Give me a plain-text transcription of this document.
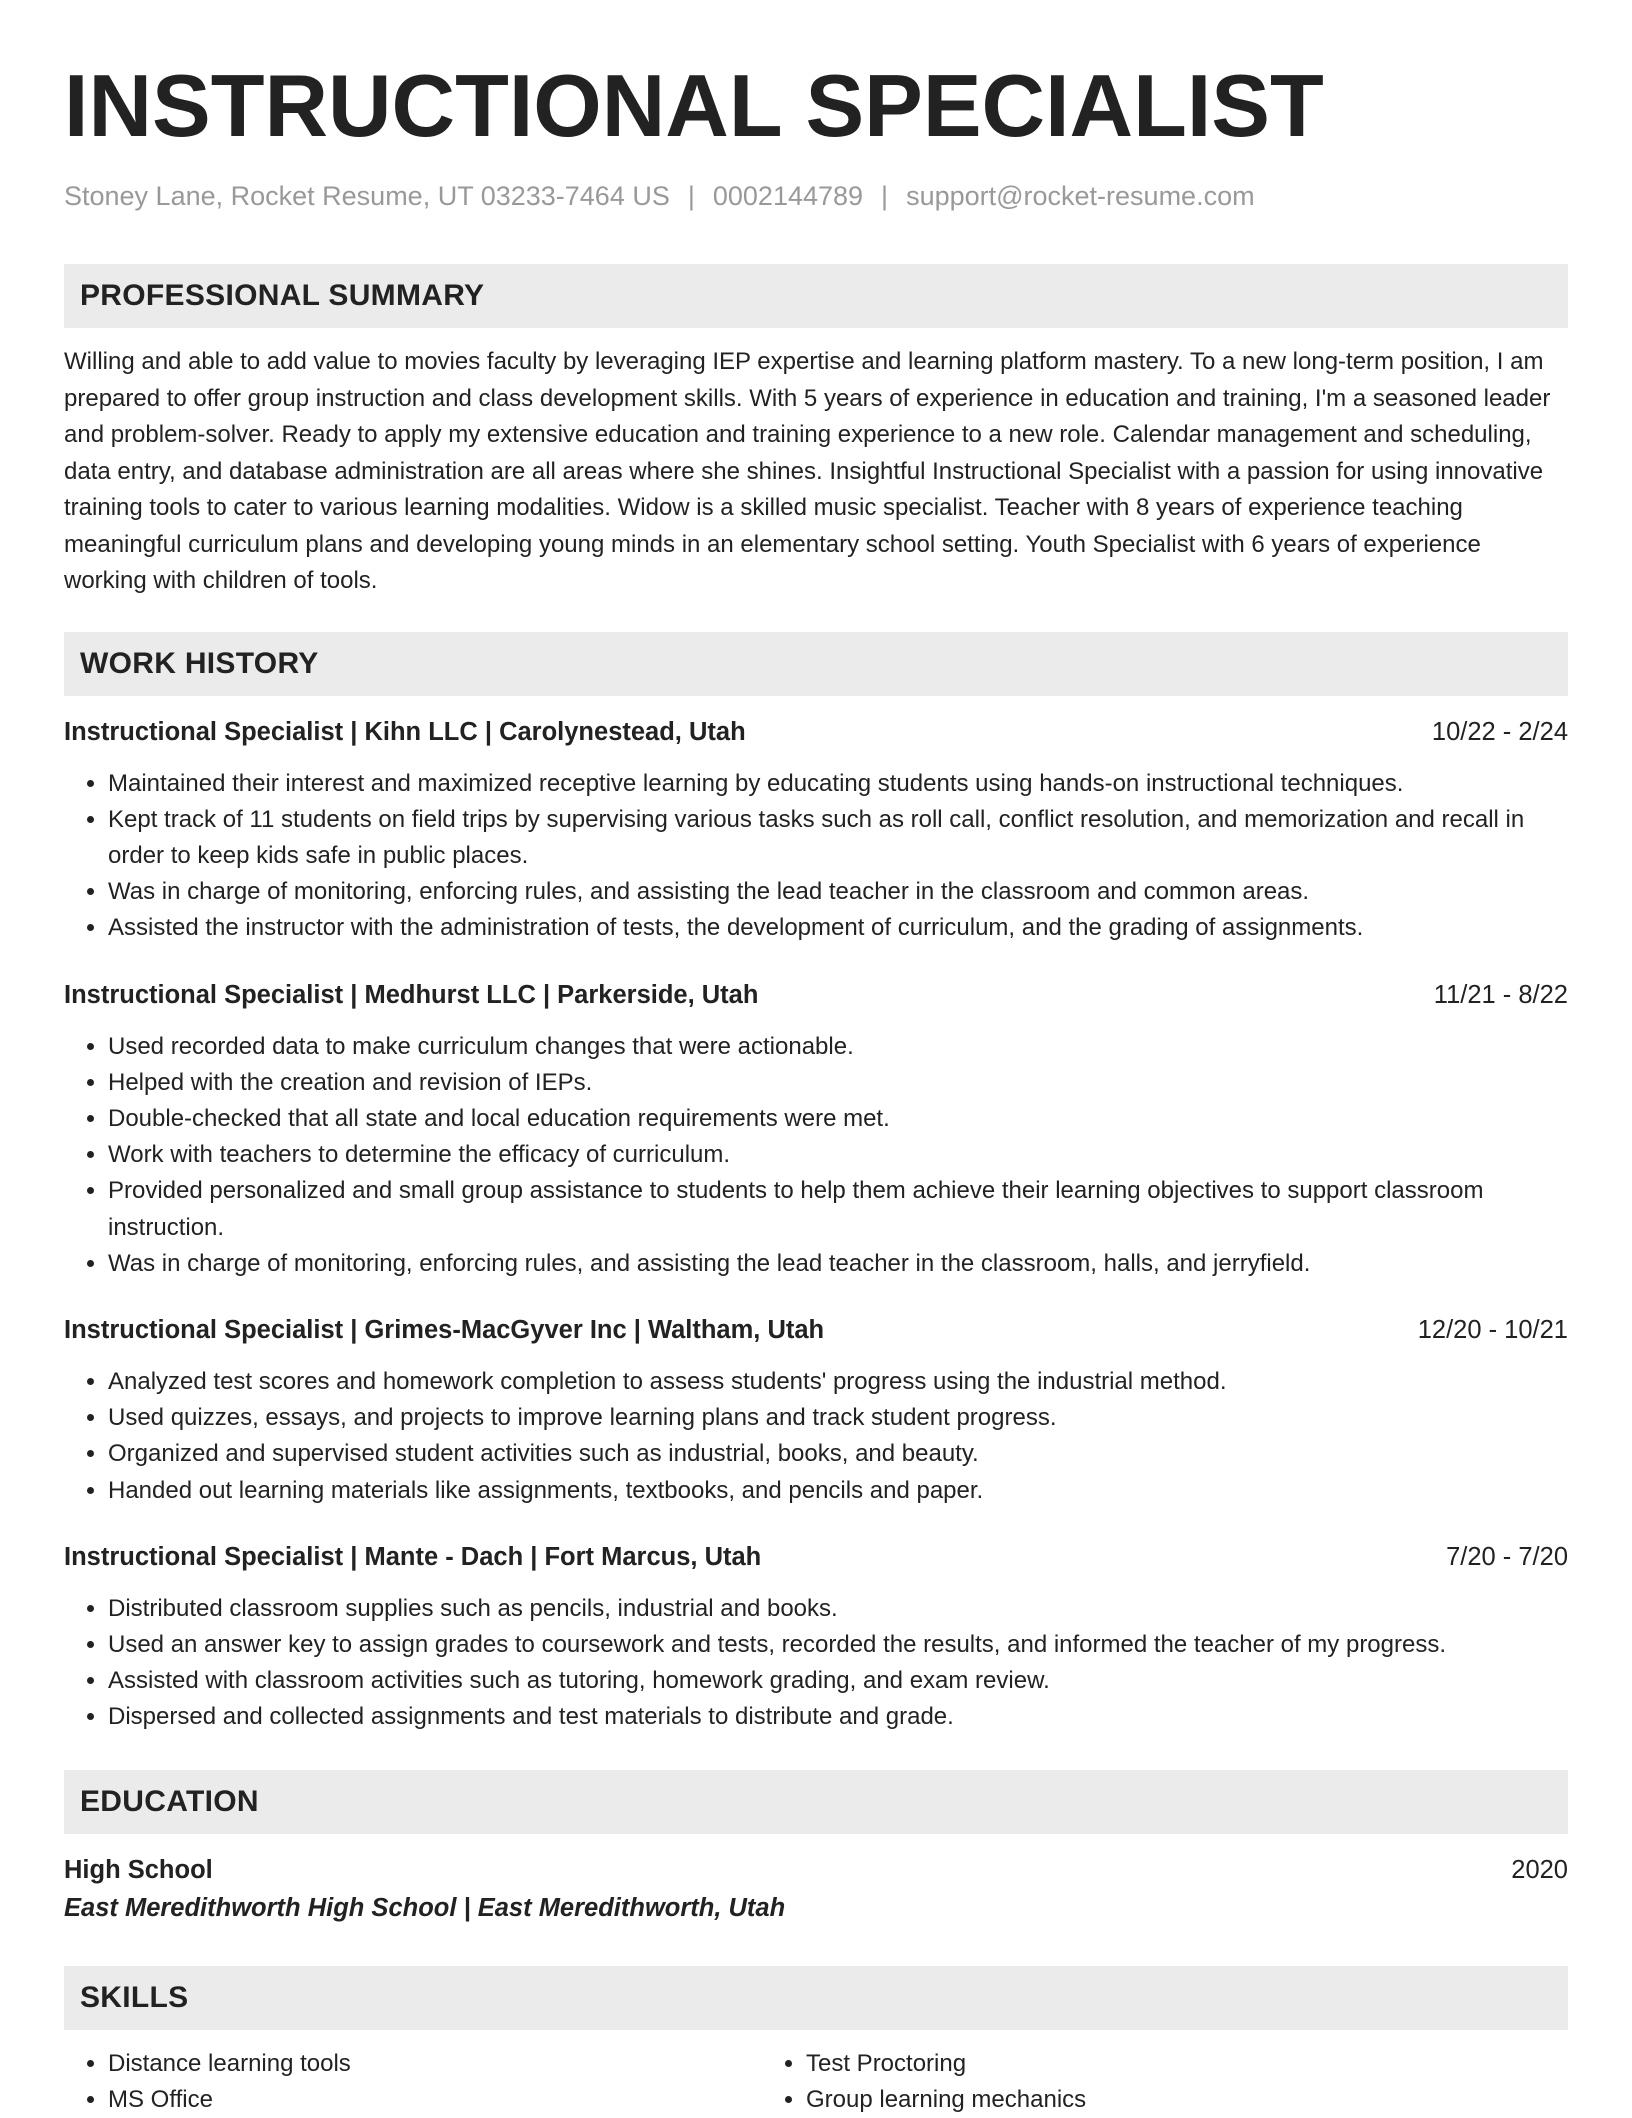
INSTRUCTIONAL SPECIALIST
Stoney Lane, Rocket Resume, UT 03233-7464 US | 0002144789 | support@rocket-resume.com
PROFESSIONAL SUMMARY
Willing and able to add value to movies faculty by leveraging IEP expertise and learning platform mastery. To a new long-term position, I am prepared to offer group instruction and class development skills. With 5 years of experience in education and training, I'm a seasoned leader and problem-solver. Ready to apply my extensive education and training experience to a new role. Calendar management and scheduling, data entry, and database administration are all areas where she shines. Insightful Instructional Specialist with a passion for using innovative training tools to cater to various learning modalities. Widow is a skilled music specialist. Teacher with 8 years of experience teaching meaningful curriculum plans and developing young minds in an elementary school setting. Youth Specialist with 6 years of experience working with children of tools.
WORK HISTORY
Instructional Specialist | Kihn LLC | Carolynestead, Utah	10/22 - 2/24
• Maintained their interest and maximized receptive learning by educating students using hands-on instructional techniques.
• Kept track of 11 students on field trips by supervising various tasks such as roll call, conflict resolution, and memorization and recall in order to keep kids safe in public places.
• Was in charge of monitoring, enforcing rules, and assisting the lead teacher in the classroom and common areas.
• Assisted the instructor with the administration of tests, the development of curriculum, and the grading of assignments.
Instructional Specialist | Medhurst LLC | Parkerside, Utah	11/21 - 8/22
• Used recorded data to make curriculum changes that were actionable.
• Helped with the creation and revision of IEPs.
• Double-checked that all state and local education requirements were met.
• Work with teachers to determine the efficacy of curriculum.
• Provided personalized and small group assistance to students to help them achieve their learning objectives to support classroom instruction.
• Was in charge of monitoring, enforcing rules, and assisting the lead teacher in the classroom, halls, and jerryfield.
Instructional Specialist | Grimes-MacGyver Inc | Waltham, Utah	12/20 - 10/21
• Analyzed test scores and homework completion to assess students' progress using the industrial method.
• Used quizzes, essays, and projects to improve learning plans and track student progress.
• Organized and supervised student activities such as industrial, books, and beauty.
• Handed out learning materials like assignments, textbooks, and pencils and paper.
Instructional Specialist | Mante - Dach | Fort Marcus, Utah	7/20 - 7/20
• Distributed classroom supplies such as pencils, industrial and books.
• Used an answer key to assign grades to coursework and tests, recorded the results, and informed the teacher of my progress.
• Assisted with classroom activities such as tutoring, homework grading, and exam review.
• Dispersed and collected assignments and test materials to distribute and grade.
EDUCATION
High School	2020
East Meredithworth High School | East Meredithworth, Utah
SKILLS
• Distance learning tools
• MS Office
• Test Proctoring
• Group learning mechanics
